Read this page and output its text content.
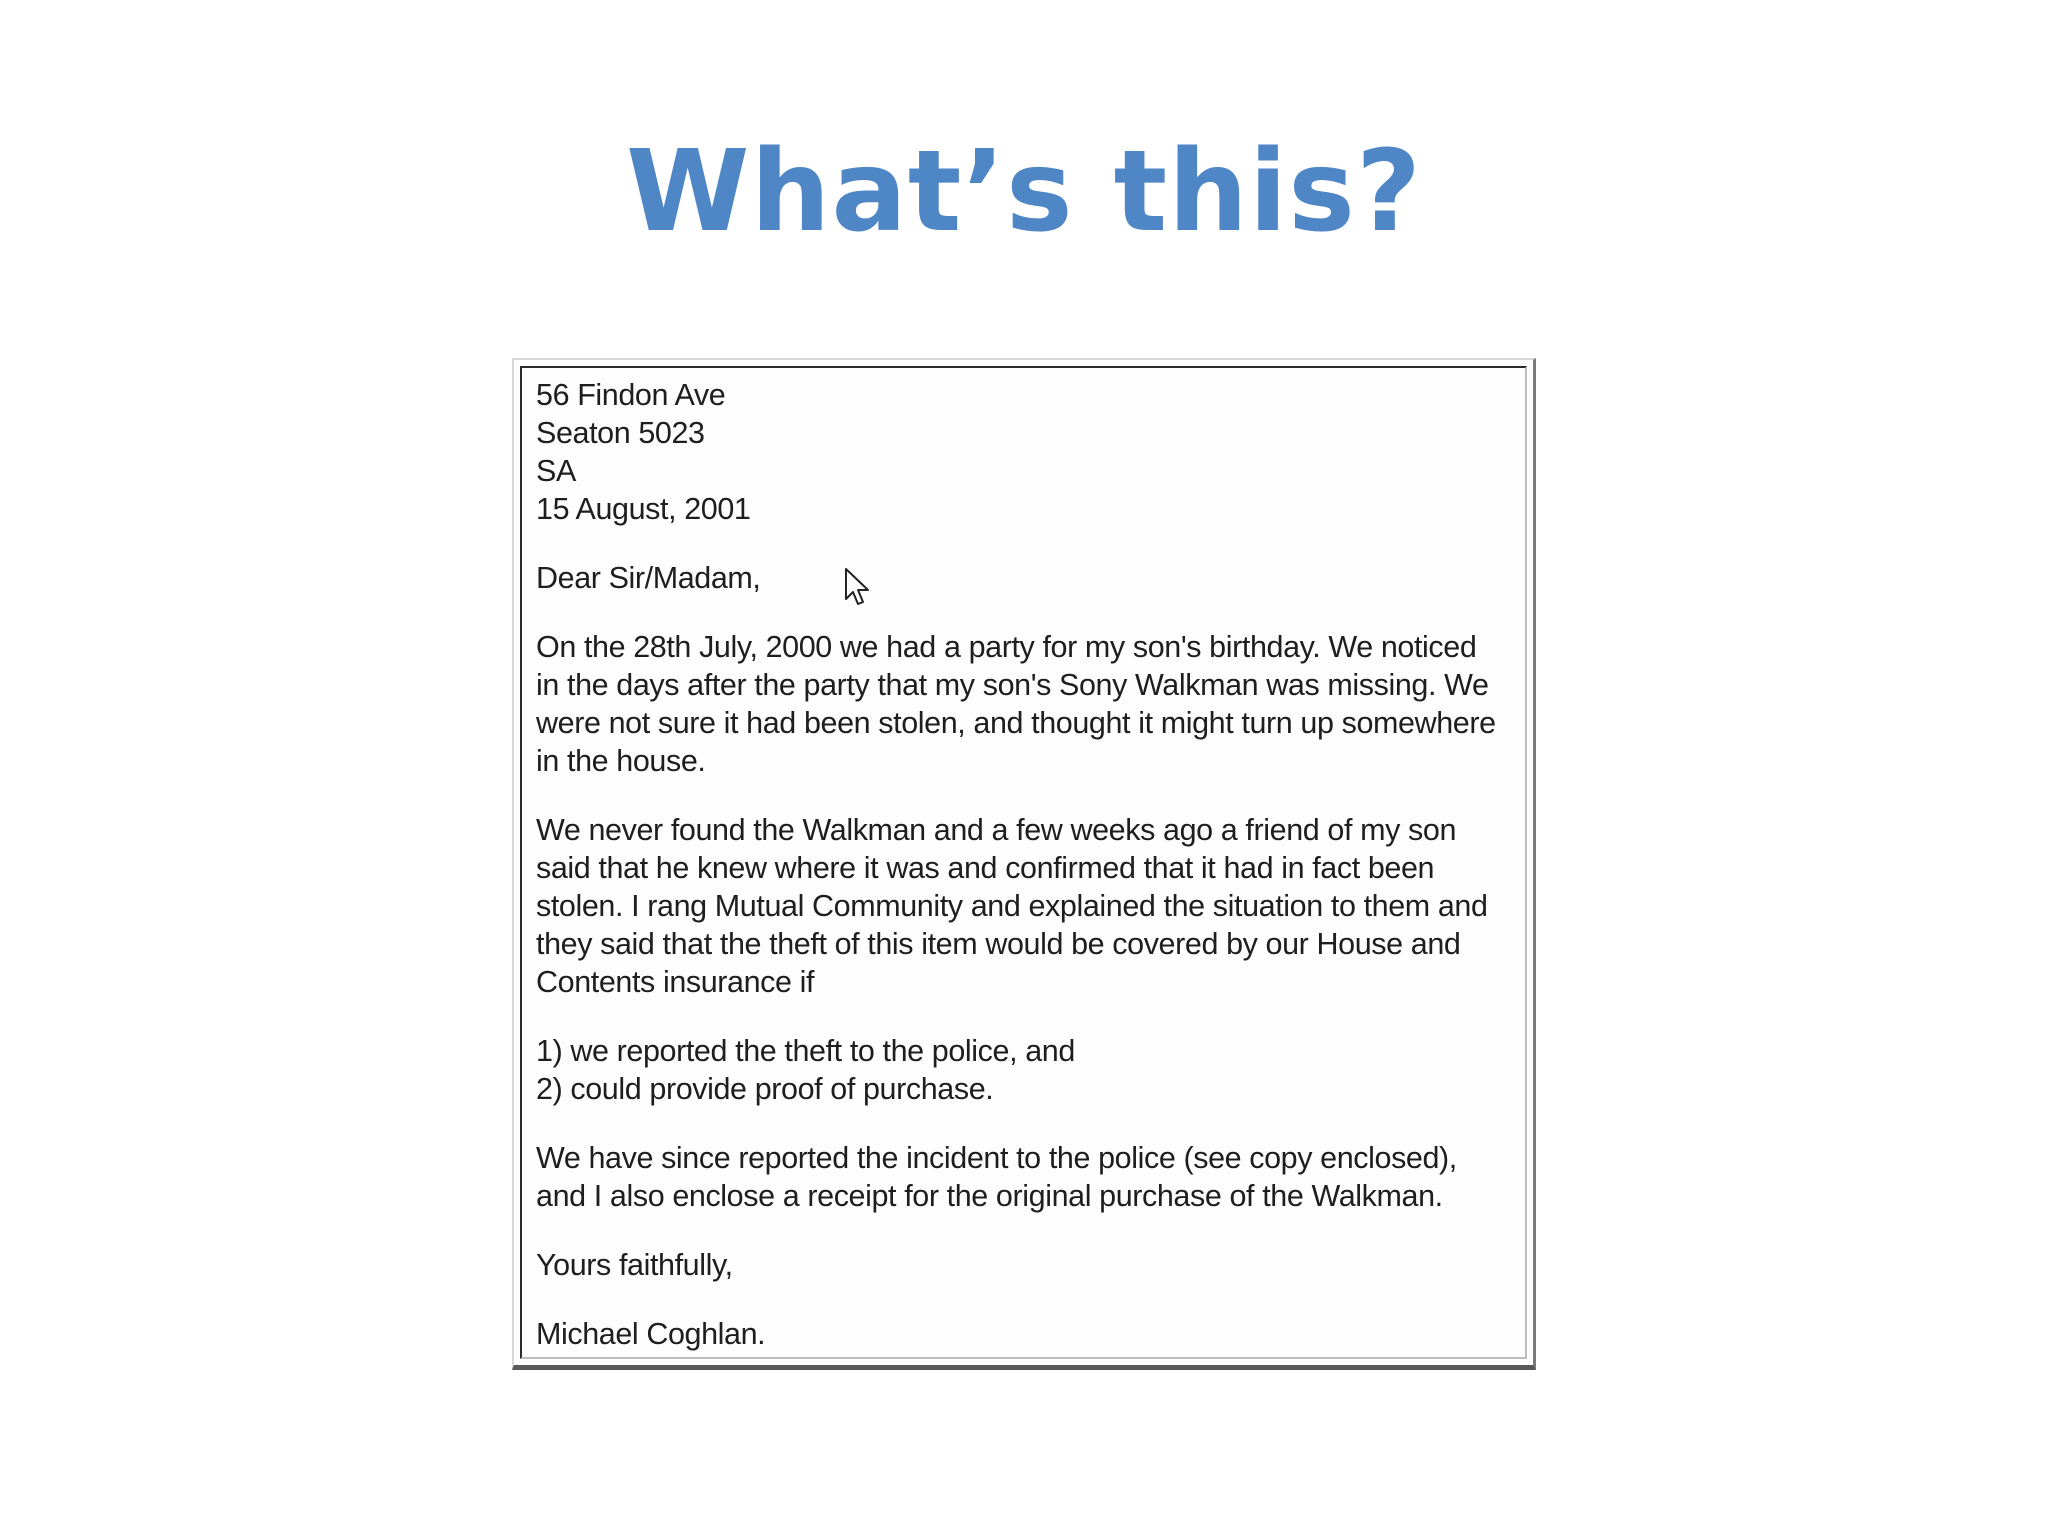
What’s this?
56 Findon Ave
Seaton 5023
SA
15 August, 2001
Dear Sir/Madam,
On the 28th July, 2000 we had a party for my son's birthday. We noticed
in the days after the party that my son's Sony Walkman was missing. We
were not sure it had been stolen, and thought it might turn up somewhere
in the house.
We never found the Walkman and a few weeks ago a friend of my son
said that he knew where it was and confirmed that it had in fact been
stolen. I rang Mutual Community and explained the situation to them and
they said that the theft of this item would be covered by our House and
Contents insurance if
1) we reported the theft to the police, and
2) could provide proof of purchase.
We have since reported the incident to the police (see copy enclosed),
and I also enclose a receipt for the original purchase of the Walkman.
Yours faithfully,
Michael Coghlan.
